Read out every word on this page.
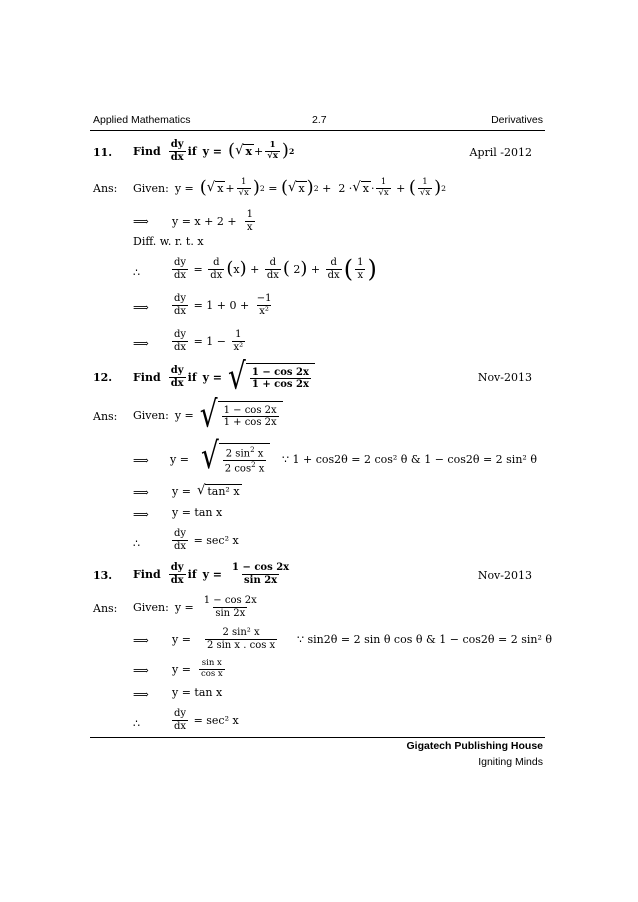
Applied Mathematics	2.7	Derivatives
11.	Find $\frac{dy}{dx}$ if y = ( √ $x + \frac{1}{√x}$ ) 2	April -2012
Ans:	Given: y = ( √ $x + \frac{1}{√x}$ ) 2 = ( √ x ) 2 +  2 · √ $x \cdot \frac{1}{√x}$ + ( $\frac{1}{√x}$ ) 2
⟹ $y = x + 2 + \frac{1}{x}$
Diff. w. r. t. x
∴	$\frac{dy}{dx} = \frac{d}{dx}$ ( x ) + $\frac{d}{dx}$ ( 2 ) + $\frac{d}{dx}$ ( $\frac{1}{x}$ )
⟹ $\frac{dy}{dx}$
= 1 + 0 +
$\frac{-1}{\text{x²}}$
⟹ $\frac{dy}{dx}$
= 1 −
$\frac{1}{\text{x²}}$
12.	Find $\frac{dy}{dx}$ if y = √ $\frac{1 - \cos 2x}{1 + \cos 2x}$	Nov-2013
Ans:	Given: y = √ $\frac{1 - \cos 2x}{1 + \cos 2x}$
⟹ y = √ $\frac{2 \sin^2 x}{2 \cos^2 x}$ ∵ 1 + cos2θ = 2 cos² θ & 1 − cos2θ = 2 sin² θ
⟹ y = √ tan² x
⟹ y = tan x
∴	$\frac{dy}{dx}$
= sec² x
13.	Find $\frac{dy}{dx}$ if $y = \frac{1 - \cos 2x}{\sin 2x}$	Nov-2013
Ans:	Given: $y = \frac{1 - \cos 2x}{\sin 2x}$
⟹ $y = \frac{\text{2 sin² x}}{\text{2 sin x . cos x}}$ ∵ sin2θ = 2 sin θ cos θ & 1 − cos2θ = 2 sin² θ
⟹ $y = \frac{\text{sin x}}{\text{cos x}}$
⟹ y = tan x
∴	$\frac{dy}{dx}$
= sec² x
Gigatech Publishing House
Igniting Minds
